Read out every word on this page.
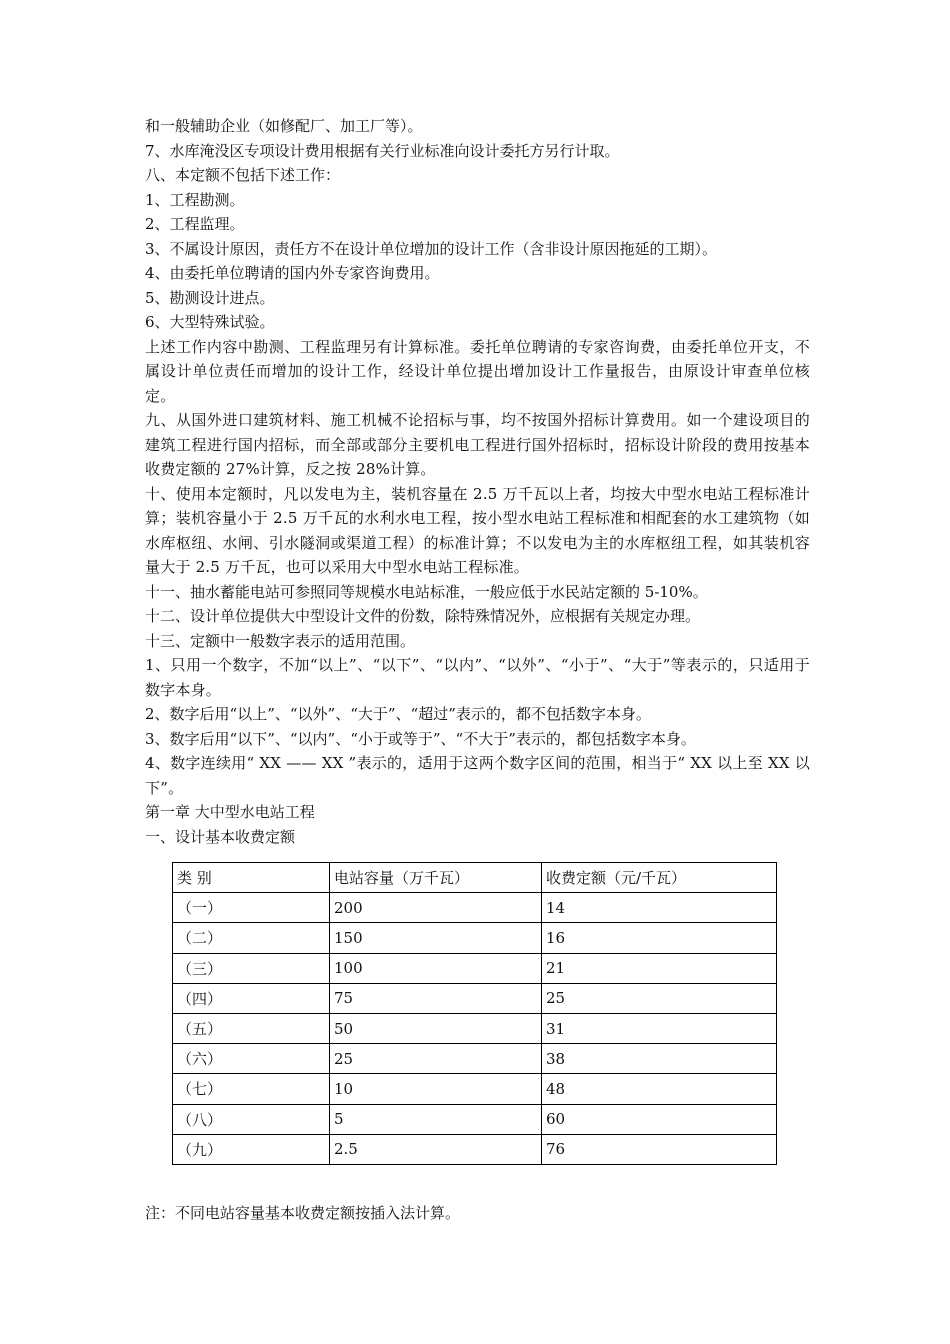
和一般辅助企业（如修配厂、加工厂等）。

7、水库淹没区专项设计费用根据有关行业标准向设计委托方另行计取。

八、本定额不包括下述工作：

1、工程勘测。

2、工程监理。

3、不属设计原因，责任方不在设计单位增加的设计工作（含非设计原因拖延的工期）。

4、由委托单位聘请的国内外专家咨询费用。

5、勘测设计进点。

6、大型特殊试验。

上述工作内容中勘测、工程监理另有计算标准。委托单位聘请的专家咨询费，由委托单位开支，不属设计单位责任而增加的设计工作，经设计单位提出增加设计工作量报告，由原设计审查单位核定。

九、从国外进口建筑材料、施工机械不论招标与事，均不按国外招标计算费用。如一个建设项目的建筑工程进行国内招标，而全部或部分主要机电工程进行国外招标时，招标设计阶段的费用按基本收费定额的 27%计算，反之按 28%计算。

十、使用本定额时，凡以发电为主，装机容量在 2.5 万千瓦以上者，均按大中型水电站工程标准计算；装机容量小于 2.5 万千瓦的水利水电工程，按小型水电站工程标准和相配套的水工建筑物（如水库枢纽、水闸、引水隧洞或渠道工程）的标准计算；不以发电为主的水库枢纽工程，如其装机容量大于 2.5 万千瓦，也可以采用大中型水电站工程标准。

十一、抽水蓄能电站可参照同等规模水电站标准，一般应低于水民站定额的 5-10%。

十二、设计单位提供大中型设计文件的份数，除特殊情况外，应根据有关规定办理。

十三、定额中一般数字表示的适用范围。

1、只用一个数字，不加“以上”、“以下”、“以内”、“以外”、“小于”、“大于”等表示的，只适用于数字本身。

2、数字后用“以上”、“以外”、“大于”、“超过”表示的，都不包括数字本身。

3、数字后用“以下”、“以内”、“小于或等于”、“不大于”表示的，都包括数字本身。

4、数字连续用“ XX —— XX ”表示的，适用于这两个数字区间的范围，相当于“ XX 以上至 XX 以下”。

第一章 大中型水电站工程

一、设计基本收费定额

类 别	电站容量（万千瓦）	收费定额（元/千瓦）
（一）	200	14
（二）	150	16
（三）	100	21
（四）	75	25
（五）	50	31
（六）	25	38
（七）	10	48
（八）	5	60
（九）	2.5	76

注：不同电站容量基本收费定额按插入法计算。
